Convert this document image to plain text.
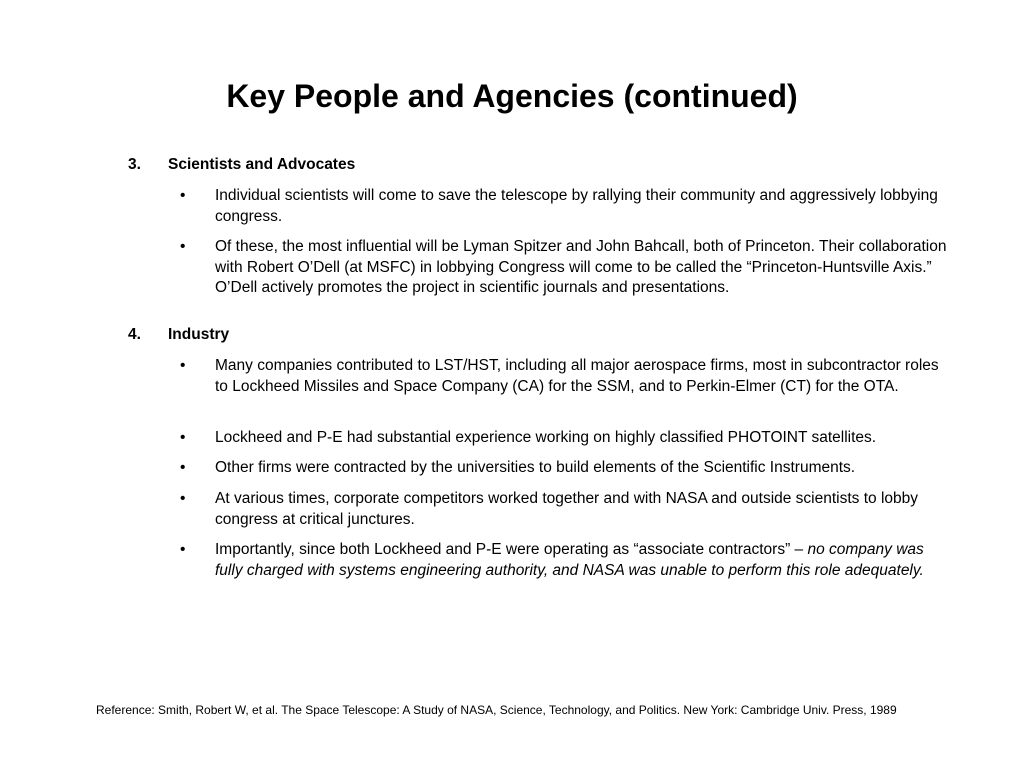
Key People and Agencies (continued)
3. Scientists and Advocates
•	Individual scientists will come to save the telescope by rallying their community and aggressively lobbying congress.
•	Of these, the most influential will be Lyman Spitzer and John Bahcall, both of Princeton. Their collaboration with Robert O’Dell (at MSFC) in lobbying Congress will come to be called the “Princeton-Huntsville Axis.” O’Dell actively promotes the project in scientific journals and presentations.
4. Industry
•	Many companies contributed to LST/HST, including all major aerospace firms, most in subcontractor roles to Lockheed Missiles and Space Company (CA) for the SSM, and to Perkin-Elmer (CT) for the OTA.
•	Lockheed and P-E had substantial experience working on highly classified PHOTOINT satellites.
•	Other firms were contracted by the universities to build elements of the Scientific Instruments.
•	At various times, corporate competitors worked together and with NASA and outside scientists to lobby congress at critical junctures.
•	Importantly, since both Lockheed and P-E were operating as “associate contractors” – no company was fully charged with systems engineering authority, and NASA was unable to perform this role adequately.
Reference: Smith, Robert W, et al. The Space Telescope: A Study of NASA, Science, Technology, and Politics. New York: Cambridge Univ. Press, 1989
